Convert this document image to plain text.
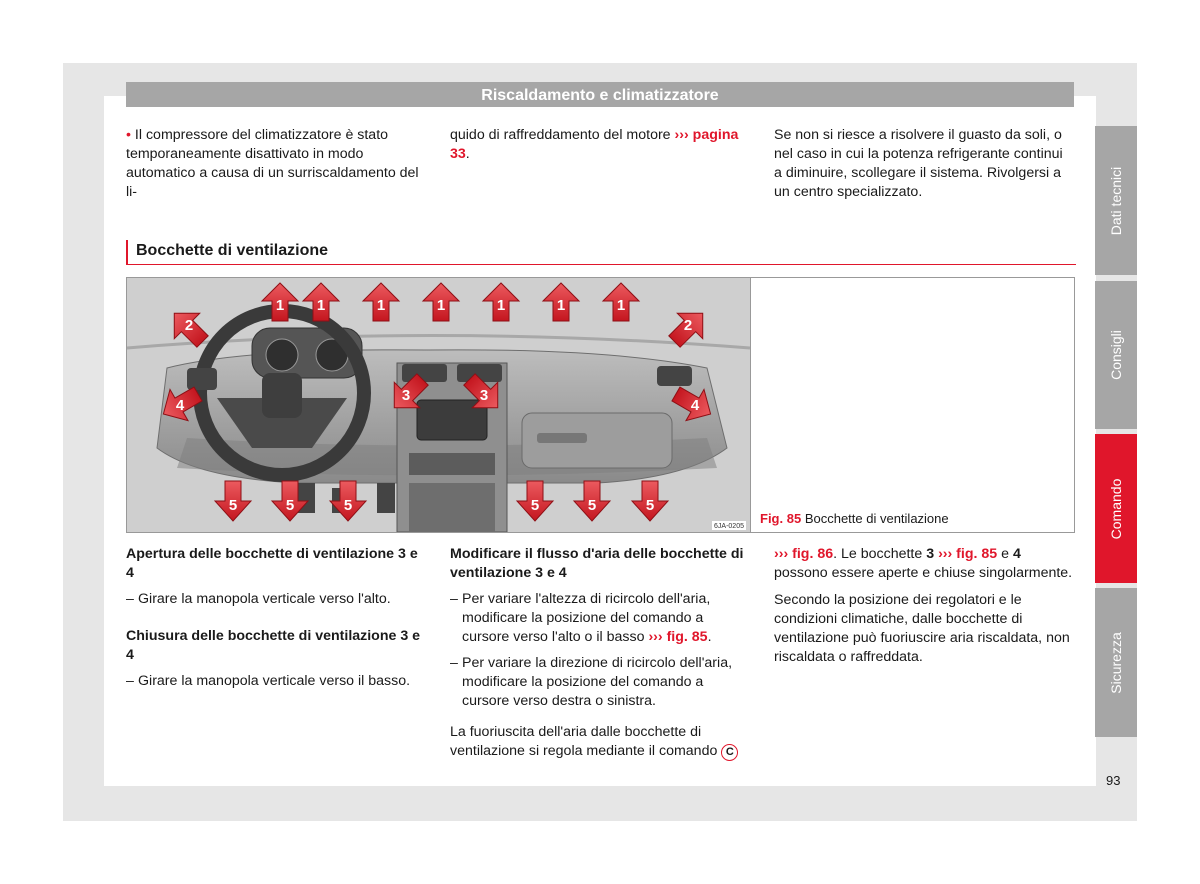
Riscaldamento e climatizzatore

• Il compressore del climatizzatore è stato temporaneamente disattivato in modo automatico a causa di un surriscaldamento del li-

quido di raffreddamento del motore ››› pagina 33.

Se non si riesce a risolvere il guasto da soli, o nel caso in cui la potenza refrigerante continui a diminuire, scollegare il sistema. Rivolgersi a un centro specializzato.

Bocchette di ventilazione
1 1	1	1	1	1	1
2	2
3	3
4	4
5	5	5	5	5	5
6JA-0205
Fig. 85 Bocchette di ventilazione

Apertura delle bocchette di ventilazione 3 e 4

– Girare la manopola verticale verso l'alto.

Chiusura delle bocchette di ventilazione 3 e 4

– Girare la manopola verticale verso il basso.

Modificare il flusso d'aria delle bocchette di ventilazione 3 e 4

– Per variare l'altezza di ricircolo dell'aria, modificare la posizione del comando a cursore verso l'alto o il basso ››› fig. 85.

– Per variare la direzione di ricircolo dell'aria, modificare la posizione del comando a cursore verso destra o sinistra.

La fuoriuscita dell'aria dalle bocchette di ventilazione si regola mediante il comando C

››› fig. 86. Le bocchette 3 ››› fig. 85 e 4 possono essere aperte e chiuse singolarmente.

Secondo la posizione dei regolatori e le condizioni climatiche, dalle bocchette di ventilazione può fuoriuscire aria riscaldata, non riscaldata o raffreddata.

Dati tecnici
Consigli
Comando
Sicurezza
93
